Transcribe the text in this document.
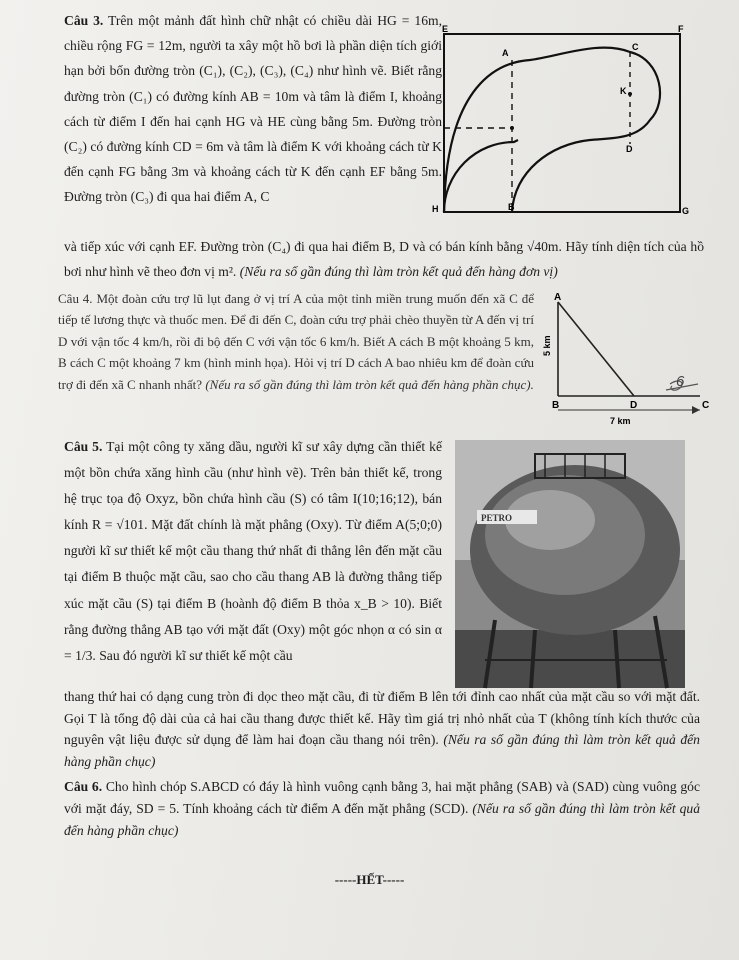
Câu 3. Trên một mảnh đất hình chữ nhật có chiều dài HG = 16m, chiều rộng FG = 12m, người ta xây một hồ bơi là phần diện tích giới hạn bởi bốn đường tròn (C₁), (C₂), (C₃), (C₄) như hình vẽ. Biết rằng đường tròn (C₁) có đường kính AB = 10m và tâm là điểm I, khoảng cách từ điểm I đến hai cạnh HG và HE cùng bằng 5m. Đường tròn (C₂) có đường kính CD = 6m và tâm là điểm K với khoảng cách từ K đến cạnh FG bằng 3m và khoảng cách từ K đến cạnh EF bằng 5m. Đường tròn (C₃) đi qua hai điểm A, C
E	F
H	G
A
B
C
D
K
và tiếp xúc với cạnh EF. Đường tròn (C₄) đi qua hai điểm B, D và có bán kính bằng √40m. Hãy tính diện tích của hồ bơi như hình vẽ theo đơn vị m². (Nếu ra số gần đúng thì làm tròn kết quả đến hàng đơn vị)
Câu 4. Một đoàn cứu trợ lũ lụt đang ở vị trí A của một tỉnh miền trung muốn đến xã C để tiếp tế lương thực và thuốc men. Để đi đến C, đoàn cứu trợ phải chèo thuyền từ A đến vị trí D với vận tốc 4 km/h, rồi đi bộ đến C với vận tốc 6 km/h. Biết A cách B một khoảng 5 km, B cách C một khoảng 7 km (hình minh họa). Hỏi vị trí D cách A bao nhiêu km để đoàn cứu trợ đi đến xã C nhanh nhất? (Nếu ra số gần đúng thì làm tròn kết quả đến hàng phần chục).
A
B	D	C
5 km
7 km
6
Câu 5. Tại một công ty xăng dầu, người kĩ sư xây dựng cần thiết kế một bồn chứa xăng hình cầu (như hình vẽ). Trên bản thiết kế, trong hệ trục tọa độ Oxyz, bồn chứa hình cầu (S) có tâm I(10;16;12), bán kính R = √101. Mặt đất chính là mặt phẳng (Oxy). Từ điểm A(5;0;0) người kĩ sư thiết kế một cầu thang thứ nhất đi thẳng lên đến mặt cầu tại điểm B thuộc mặt cầu, sao cho cầu thang AB là đường thẳng tiếp xúc mặt cầu (S) tại điểm B (hoành độ điểm B thỏa x_B > 10). Biết rằng đường thẳng AB tạo với mặt đất (Oxy) một góc nhọn α có sin α = 1/3. Sau đó người kĩ sư thiết kế một cầu
PETRO
thang thứ hai có dạng cung tròn đi dọc theo mặt cầu, đi từ điểm B lên tới đỉnh cao nhất của mặt cầu so với mặt đất. Gọi T là tổng độ dài của cả hai cầu thang được thiết kế. Hãy tìm giá trị nhỏ nhất của T (không tính kích thước của nguyên vật liệu được sử dụng để làm hai đoạn cầu thang nói trên). (Nếu ra số gần đúng thì làm tròn kết quả đến hàng phần chục)
Câu 6. Cho hình chóp S.ABCD có đáy là hình vuông cạnh bằng 3, hai mặt phẳng (SAB) và (SAD) cùng vuông góc với mặt đáy, SD = 5. Tính khoảng cách từ điểm A đến mặt phẳng (SCD). (Nếu ra số gần đúng thì làm tròn kết quả đến hàng phần chục)
-----HẾT-----
